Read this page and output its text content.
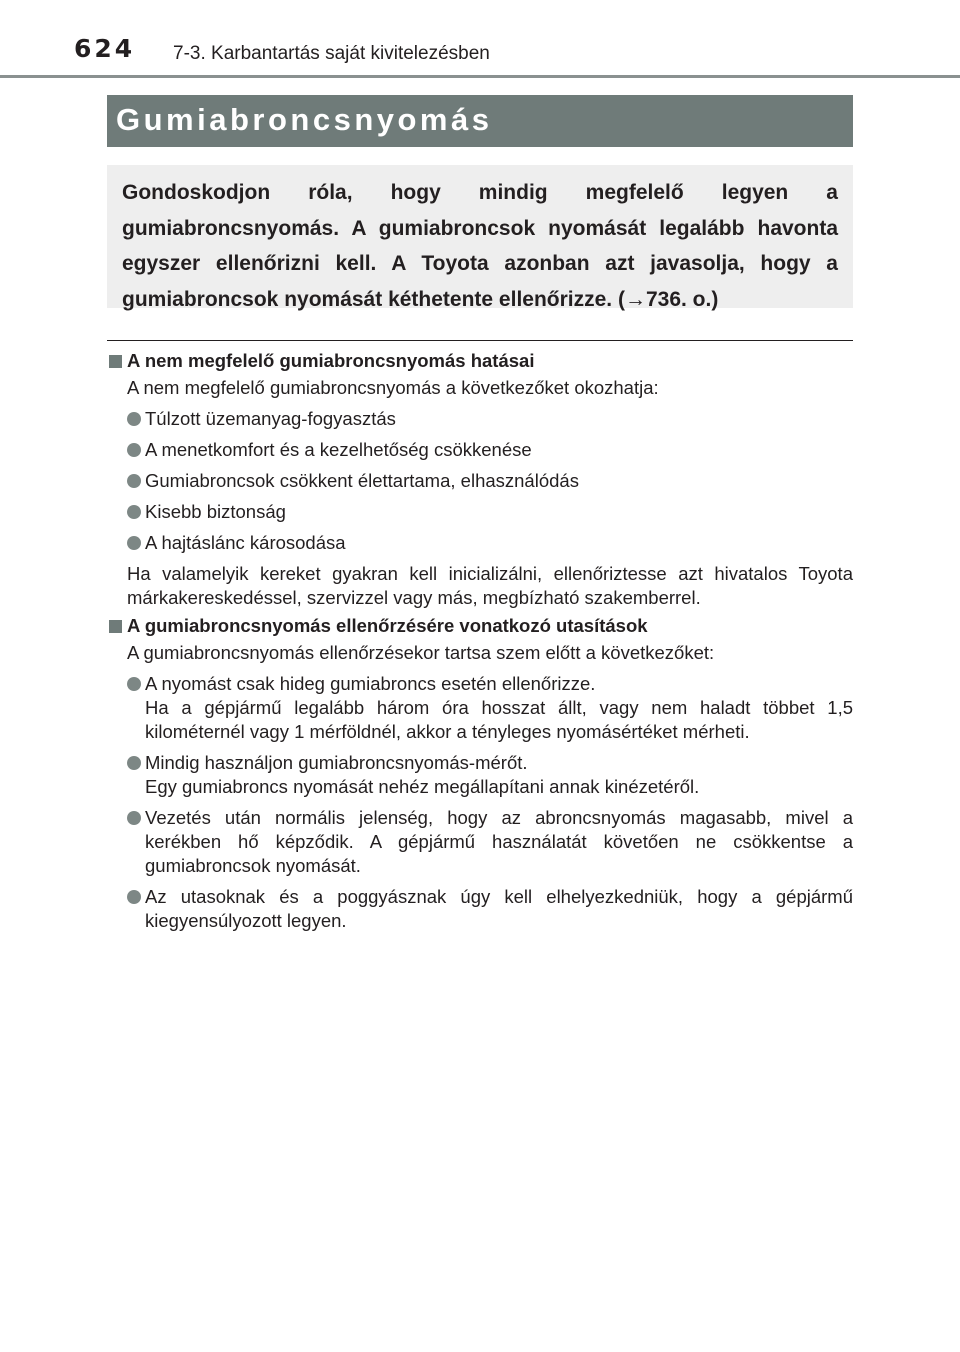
624 7-3. Karbantartás saját kivitelezésben
Gumiabroncsnyomás

Gondoskodjon róla, hogy mindig megfelelő legyen a gumiabroncsnyomás. A gumiabroncsok nyomását legalább havonta egyszer ellenőrizni kell. A Toyota azonban azt javasolja, hogy a gumiabroncsok nyomását kéthetente ellenőrizze. (→736. o.)

A nem megfelelő gumiabroncsnyomás hatásai
A nem megfelelő gumiabroncsnyomás a következőket okozhatja:
Túlzott üzemanyag-fogyasztás
A menetkomfort és a kezelhetőség csökkenése
Gumiabroncsok csökkent élettartama, elhasználódás
Kisebb biztonság
A hajtáslánc károsodása
Ha valamelyik kereket gyakran kell inicializálni, ellenőriztesse azt hivatalos Toyota márkakereskedéssel, szervizzel vagy más, megbízható szakemberrel.
A gumiabroncsnyomás ellenőrzésére vonatkozó utasítások
A gumiabroncsnyomás ellenőrzésekor tartsa szem előtt a következőket:
A nyomást csak hideg gumiabroncs esetén ellenőrizze.
Ha a gépjármű legalább három óra hosszat állt, vagy nem haladt többet 1,5 kilométernél vagy 1 mérföldnél, akkor a tényleges nyomásértéket mérheti.
Mindig használjon gumiabroncsnyomás-mérőt.
Egy gumiabroncs nyomását nehéz megállapítani annak kinézetéről.
Vezetés után normális jelenség, hogy az abroncsnyomás magasabb, mivel a kerékben hő képződik. A gépjármű használatát követően ne csökkentse a gumiabroncsok nyomását.
Az utasoknak és a poggyásznak úgy kell elhelyezkedniük, hogy a gépjármű kiegyensúlyozott legyen.
